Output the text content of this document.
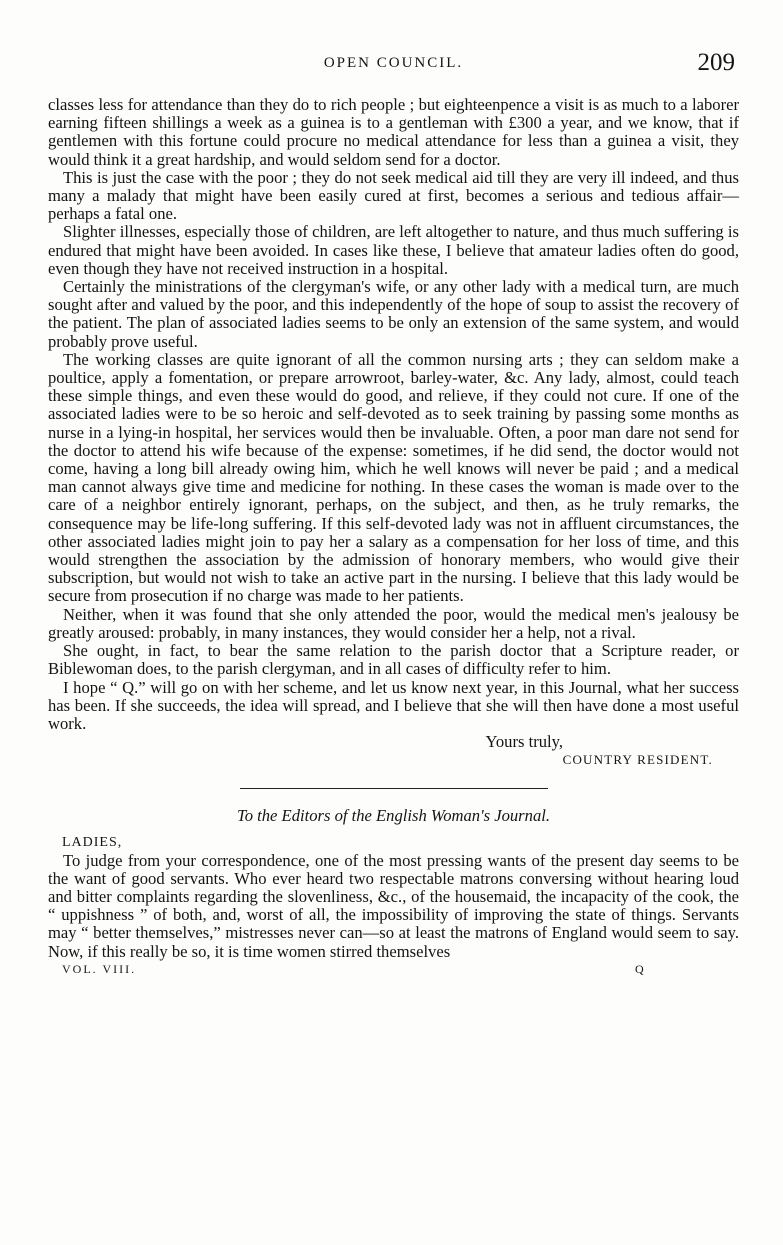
OPEN COUNCIL.	209

classes less for attendance than they do to rich people ; but eighteenpence a visit is as much to a laborer earning fifteen shillings a week as a guinea is to a gentleman with £300 a year, and we know, that if gentlemen with this fortune could procure no medical attendance for less than a guinea a visit, they would think it a great hardship, and would seldom send for a doctor.

This is just the case with the poor ; they do not seek medical aid till they are very ill indeed, and thus many a malady that might have been easily cured at first, becomes a serious and tedious affair—perhaps a fatal one.

Slighter illnesses, especially those of children, are left altogether to nature, and thus much suffering is endured that might have been avoided. In cases like these, I believe that amateur ladies often do good, even though they have not received instruction in a hospital.

Certainly the ministrations of the clergyman's wife, or any other lady with a medical turn, are much sought after and valued by the poor, and this independently of the hope of soup to assist the recovery of the patient. The plan of associated ladies seems to be only an extension of the same system, and would probably prove useful.

The working classes are quite ignorant of all the common nursing arts ; they can seldom make a poultice, apply a fomentation, or prepare arrowroot, barley-water, &c. Any lady, almost, could teach these simple things, and even these would do good, and relieve, if they could not cure. If one of the associated ladies were to be so heroic and self-devoted as to seek training by passing some months as nurse in a lying-in hospital, her services would then be invaluable. Often, a poor man dare not send for the doctor to attend his wife because of the expense: sometimes, if he did send, the doctor would not come, having a long bill already owing him, which he well knows will never be paid ; and a medical man cannot always give time and medicine for nothing. In these cases the woman is made over to the care of a neighbor entirely ignorant, perhaps, on the subject, and then, as he truly remarks, the consequence may be life-long suffering. If this self-devoted lady was not in affluent circumstances, the other associated ladies might join to pay her a salary as a compensation for her loss of time, and this would strengthen the association by the admission of honorary members, who would give their subscription, but would not wish to take an active part in the nursing. I believe that this lady would be secure from prosecution if no charge was made to her patients.

Neither, when it was found that she only attended the poor, would the medical men's jealousy be greatly aroused: probably, in many instances, they would consider her a help, not a rival.

She ought, in fact, to bear the same relation to the parish doctor that a Scripture reader, or Biblewoman does, to the parish clergyman, and in all cases of difficulty refer to him.

I hope “ Q.” will go on with her scheme, and let us know next year, in this Journal, what her success has been. If she succeeds, the idea will spread, and I believe that she will then have done a most useful work.

Yours truly,
COUNTRY RESIDENT.
To the Editors of the English Woman's Journal.
LADIES,

To judge from your correspondence, one of the most pressing wants of the present day seems to be the want of good servants. Who ever heard two respectable matrons conversing without hearing loud and bitter complaints regarding the slovenliness, &c., of the housemaid, the incapacity of the cook, the “ uppishness ” of both, and, worst of all, the impossibility of improving the state of things. Servants may “ better themselves,” mistresses never can—so at least the matrons of England would seem to say. Now, if this really be so, it is time women stirred themselves

VOL. VIII.	Q
